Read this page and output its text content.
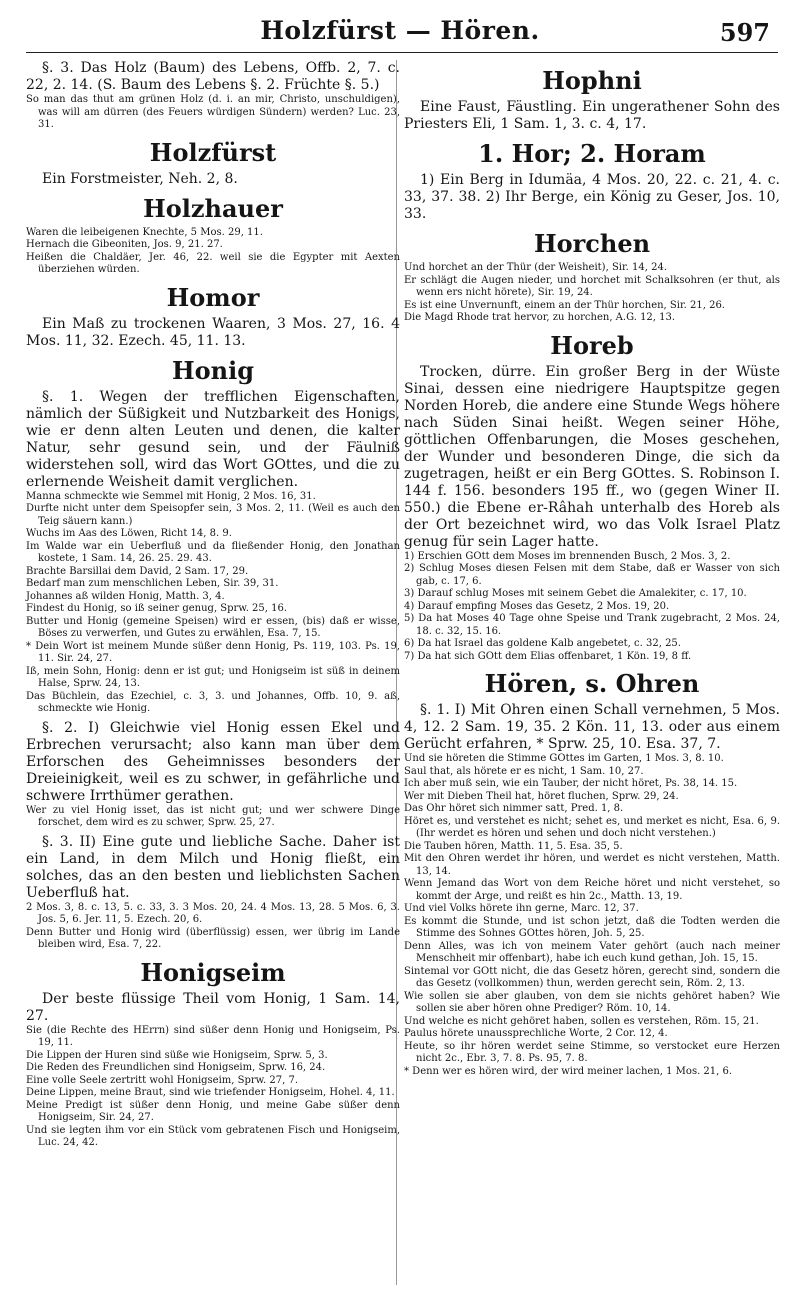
Holzfürst — Hören.	597
§. 3. Das Holz (Baum) des Lebens, Offb. 2, 7. c. 22, 2. 14. (S. Baum des Lebens §. 2. Früchte §. 5.)
So man das thut am grünen Holz (d. i. an mir, Christo, unschuldigen), was will am dürren (des Feuers würdigen Sündern) werden? Luc. 23, 31.
Holzfürst
Ein Forstmeister, Neh. 2, 8.
Holzhauer
Waren die leibeigenen Knechte, 5 Mos. 29, 11.
Hernach die Gibeoniten, Jos. 9, 21. 27.
Heißen die Chaldäer, Jer. 46, 22. weil sie die Egypter mit Aexten überziehen würden.
Homor
Ein Maß zu trockenen Waaren, 3 Mos. 27, 16. 4 Mos. 11, 32. Ezech. 45, 11. 13.
Honig
§. 1. Wegen der trefflichen Eigenschaften, nämlich der Süßigkeit und Nutzbarkeit des Honigs, wie er denn alten Leuten und denen, die kalter Natur, sehr gesund sein, und der Fäulniß widerstehen soll, wird das Wort GOttes, und die zu erlernende Weisheit damit verglichen.
Manna schmeckte wie Semmel mit Honig, 2 Mos. 16, 31.
Durfte nicht unter dem Speisopfer sein, 3 Mos. 2, 11. (Weil es auch den Teig säuern kann.)
Wuchs im Aas des Löwen, Richt 14, 8. 9.
Im Walde war ein Ueberfluß und da fließender Honig, den Jonathan kostete, 1 Sam. 14, 26. 25. 29. 43.
Brachte Barsillai dem David, 2 Sam. 17, 29.
Bedarf man zum menschlichen Leben, Sir. 39, 31.
Johannes aß wilden Honig, Matth. 3, 4.
Findest du Honig, so iß seiner genug, Sprw. 25, 16.
Butter und Honig (gemeine Speisen) wird er essen, (bis) daß er wisse, Böses zu verwerfen, und Gutes zu erwählen, Esa. 7, 15.
* Dein Wort ist meinem Munde süßer denn Honig, Ps. 119, 103. Ps. 19, 11. Sir. 24, 27.
Iß, mein Sohn, Honig: denn er ist gut; und Honigseim ist süß in deinem Halse, Sprw. 24, 13.
Das Büchlein, das Ezechiel, c. 3, 3. und Johannes, Offb. 10, 9. aß, schmeckte wie Honig.
§. 2. I) Gleichwie viel Honig essen Ekel und Erbrechen verursacht; also kann man über dem Erforschen des Geheimnisses besonders der Dreieinigkeit, weil es zu schwer, in gefährliche und schwere Irrthümer gerathen.
Wer zu viel Honig isset, das ist nicht gut; und wer schwere Dinge forschet, dem wird es zu schwer, Sprw. 25, 27.
§. 3. II) Eine gute und liebliche Sache. Daher ist ein Land, in dem Milch und Honig fließt, ein solches, das an den besten und lieblichsten Sachen Ueberfluß hat.
2 Mos. 3, 8. c. 13, 5. c. 33, 3. 3 Mos. 20, 24. 4 Mos. 13, 28. 5 Mos. 6, 3. Jos. 5, 6. Jer. 11, 5. Ezech. 20, 6.
Denn Butter und Honig wird (überflüssig) essen, wer übrig im Lande bleiben wird, Esa. 7, 22.
Honigseim
Der beste flüssige Theil vom Honig, 1 Sam. 14, 27.
Sie (die Rechte des HErrn) sind süßer denn Honig und Honigseim, Ps. 19, 11.
Die Lippen der Huren sind süße wie Honigseim, Sprw. 5, 3.
Die Reden des Freundlichen sind Honigseim, Sprw. 16, 24.
Eine volle Seele zertritt wohl Honigseim, Sprw. 27, 7.
Deine Lippen, meine Braut, sind wie triefender Honigseim, Hohel. 4, 11.
Meine Predigt ist süßer denn Honig, und meine Gabe süßer denn Honigseim, Sir. 24, 27.
Und sie legten ihm vor ein Stück vom gebratenen Fisch und Honigseim, Luc. 24, 42.
Hophni
Eine Faust, Fäustling. Ein ungerathener Sohn des Priesters Eli, 1 Sam. 1, 3. c. 4, 17.
1. Hor; 2. Horam
1) Ein Berg in Idumäa, 4 Mos. 20, 22. c. 21, 4. c. 33, 37. 38. 2) Ihr Berge, ein König zu Geser, Jos. 10, 33.
Horchen
Und horchet an der Thür (der Weisheit), Sir. 14, 24.
Er schlägt die Augen nieder, und horchet mit Schalksohren (er thut, als wenn ers nicht hörete), Sir. 19, 24.
Es ist eine Unvernunft, einem an der Thür horchen, Sir. 21, 26.
Die Magd Rhode trat hervor, zu horchen, A.G. 12, 13.
Horeb
Trocken, dürre. Ein großer Berg in der Wüste Sinai, dessen eine niedrigere Hauptspitze gegen Norden Horeb, die andere eine Stunde Wegs höhere nach Süden Sinai heißt. Wegen seiner Höhe, göttlichen Offenbarungen, die Moses geschehen, der Wunder und besonderen Dinge, die sich da zugetragen, heißt er ein Berg GOttes. S. Robinson I. 144 f. 156. besonders 195 ff., wo (gegen Winer II. 550.) die Ebene er-Râhah unterhalb des Horeb als der Ort bezeichnet wird, wo das Volk Israel Platz genug für sein Lager hatte.
1) Erschien GOtt dem Moses im brennenden Busch, 2 Mos. 3, 2.
2) Schlug Moses diesen Felsen mit dem Stabe, daß er Wasser von sich gab, c. 17, 6.
3) Darauf schlug Moses mit seinem Gebet die Amalekiter, c. 17, 10.
4) Darauf empfing Moses das Gesetz, 2 Mos. 19, 20.
5) Da hat Moses 40 Tage ohne Speise und Trank zugebracht, 2 Mos. 24, 18. c. 32, 15. 16.
6) Da hat Israel das goldene Kalb angebetet, c. 32, 25.
7) Da hat sich GOtt dem Elias offenbaret, 1 Kön. 19, 8 ff.
Hören, s. Ohren
§. 1. I) Mit Ohren einen Schall vernehmen, 5 Mos. 4, 12. 2 Sam. 19, 35. 2 Kön. 11, 13. oder aus einem Gerücht erfahren, * Sprw. 25, 10. Esa. 37, 7.
Und sie höreten die Stimme GOttes im Garten, 1 Mos. 3, 8. 10.
Saul that, als hörete er es nicht, 1 Sam. 10, 27.
Ich aber muß sein, wie ein Tauber, der nicht höret, Ps. 38, 14. 15.
Wer mit Dieben Theil hat, höret fluchen, Sprw. 29, 24.
Das Ohr höret sich nimmer satt, Pred. 1, 8.
Höret es, und verstehet es nicht; sehet es, und merket es nicht, Esa. 6, 9. (Ihr werdet es hören und sehen und doch nicht verstehen.)
Die Tauben hören, Matth. 11, 5. Esa. 35, 5.
Mit den Ohren werdet ihr hören, und werdet es nicht verstehen, Matth. 13, 14.
Wenn Jemand das Wort von dem Reiche höret und nicht verstehet, so kommt der Arge, und reißt es hin 2c., Matth. 13, 19.
Und viel Volks hörete ihn gerne, Marc. 12, 37.
Es kommt die Stunde, und ist schon jetzt, daß die Todten werden die Stimme des Sohnes GOttes hören, Joh. 5, 25.
Denn Alles, was ich von meinem Vater gehört (auch nach meiner Menschheit mir offenbart), habe ich euch kund gethan, Joh. 15, 15.
Sintemal vor GOtt nicht, die das Gesetz hören, gerecht sind, sondern die das Gesetz (vollkommen) thun, werden gerecht sein, Röm. 2, 13.
Wie sollen sie aber glauben, von dem sie nichts gehöret haben? Wie sollen sie aber hören ohne Prediger? Röm. 10, 14.
Und welche es nicht gehöret haben, sollen es verstehen, Röm. 15, 21.
Paulus hörete unaussprechliche Worte, 2 Cor. 12, 4.
Heute, so ihr hören werdet seine Stimme, so verstocket eure Herzen nicht 2c., Ebr. 3, 7. 8. Ps. 95, 7. 8.
* Denn wer es hören wird, der wird meiner lachen, 1 Mos. 21, 6.
